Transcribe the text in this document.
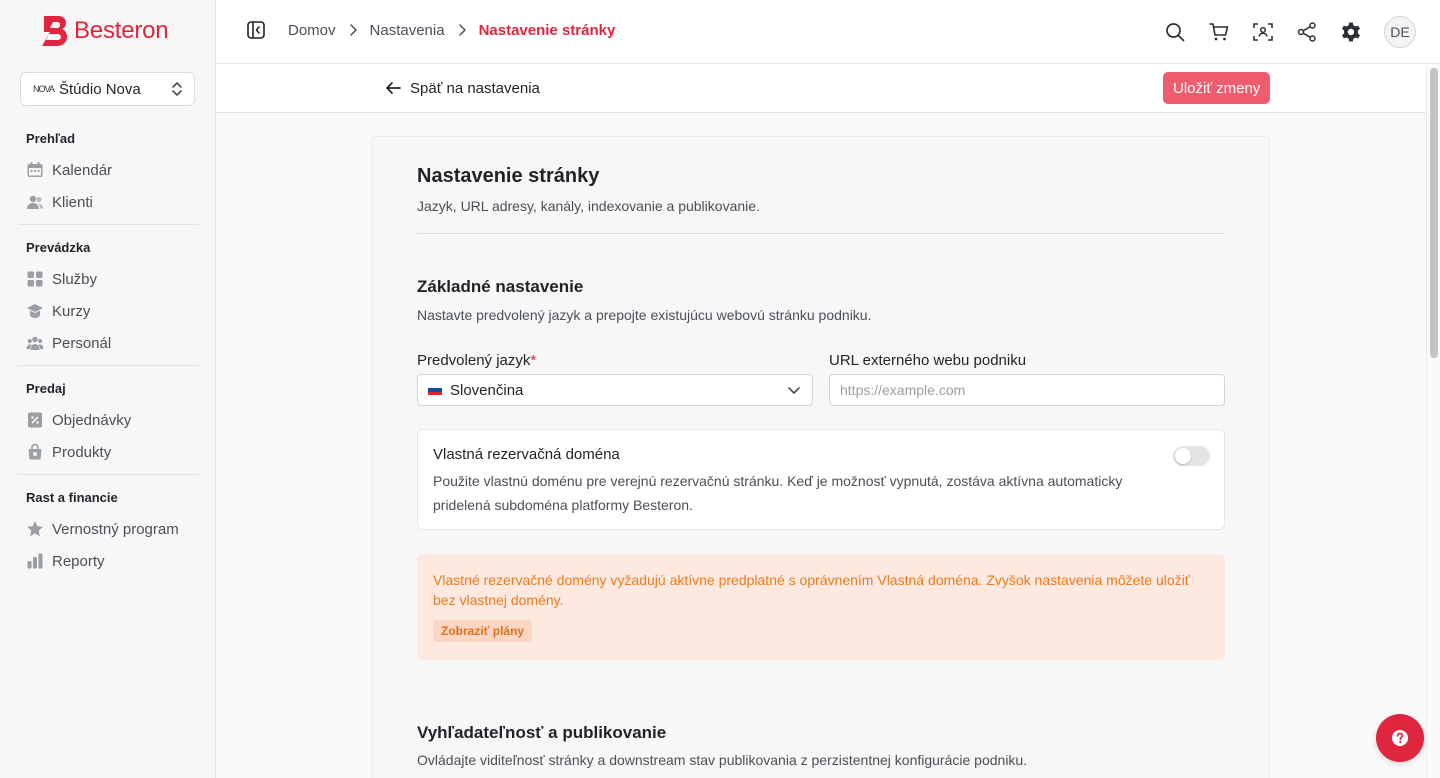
Besteron
NOVA Štúdio Nova
Prehľad
Kalendár
Klienti
Prevádzka
Služby
Kurzy
Personál
Predaj
Objednávky
Produkty
Rast a financie
Vernostný program
Reporty
Domov Nastavenia Nastavenie stránky	DE
Späť na nastavenia	Uložiť zmeny
Nastavenie stránky

Jazyk, URL adresy, kanály, indexovanie a publikovanie.

Základné nastavenie

Nastavte predvolený jazyk a prepojte existujúcu webovú stránku podniku.

Predvolený jazyk*
Slovenčina
URL externého webu podniku
https://example.com
Vlastná rezervačná doména
Použite vlastnú doménu pre verejnú rezervačnú stránku. Keď je možnosť vypnutá, zostáva aktívna automaticky pridelená subdoména platformy Besteron.
Vlastné rezervačné domény vyžadujú aktívne predplatné s oprávnením Vlastná doména. Zvyšok nastavenia môžete uložiť bez vlastnej domény.
Zobraziť plány
Vyhľadateľnosť a publikovanie

Ovládajte viditeľnosť stránky a downstream stav publikovania z perzistentnej konfigurácie podniku.
